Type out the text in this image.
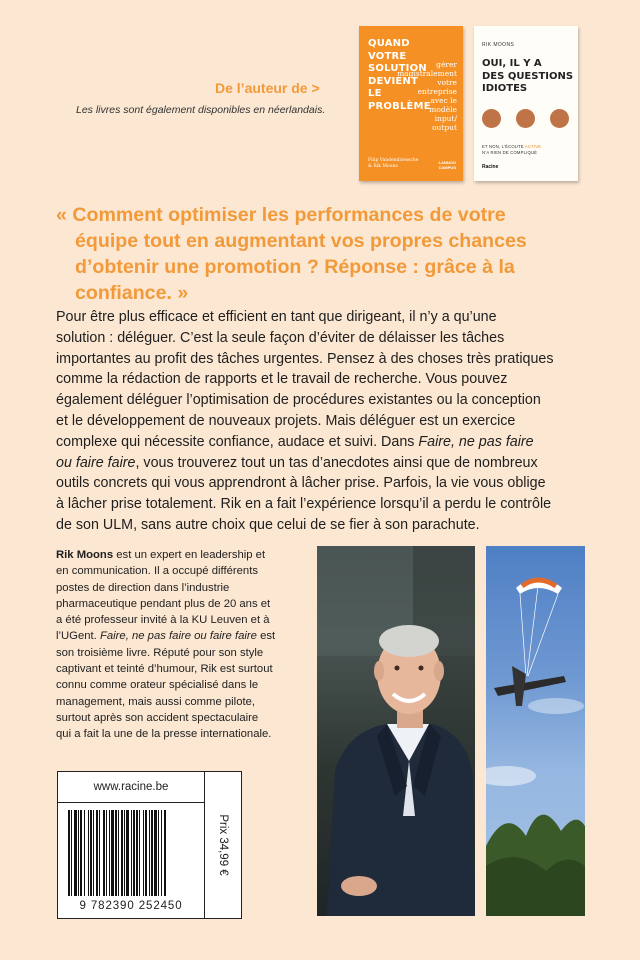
De l’auteur de >
Les livres sont également disponibles en néerlandais.
QUAND
VOTRE
SOLUTION
DEVIENT
LE
PROBLÈME
gérer
magistralement
votre
entreprise
avec le
modèle
input/
output
Filip Vandendriessche
& Rik Moons
LANNOO
CAMPUS
RIK MOONS
OUI, IL Y A
DES QUESTIONS
IDIOTES
ET NON, L’ÉCOUTE ACTIVE
N’A RIEN DE COMPLIQUÉ
Racine
« Comment optimiser les performances de votre
équipe tout en augmentant vos propres chances
d’obtenir une promotion ? Réponse : grâce à la
confiance. »
Pour être plus efficace et efficient en tant que dirigeant, il n’y a qu’une
solution : déléguer. C’est la seule façon d’éviter de délaisser les tâches
importantes au profit des tâches urgentes. Pensez à des choses très pratiques
comme la rédaction de rapports et le travail de recherche. Vous pouvez
également déléguer l’optimisation de procédures existantes ou la conception
et le développement de nouveaux projets. Mais déléguer est un exercice
complexe qui nécessite confiance, audace et suivi. Dans Faire, ne pas faire
ou faire faire, vous trouverez tout un tas d’anecdotes ainsi que de nombreux
outils concrets qui vous apprendront à lâcher prise. Parfois, la vie vous oblige
à lâcher prise totalement. Rik en a fait l’expérience lorsqu’il a perdu le contrôle
de son ULM, sans autre choix que celui de se fier à son parachute.
Rik Moons est un expert en leadership et
en communication. Il a occupé différents
postes de direction dans l’industrie
pharmaceutique pendant plus de 20 ans et
a été professeur invité à la KU Leuven et à
l’UGent. Faire, ne pas faire ou faire faire est
son troisième livre. Réputé pour son style
captivant et teinté d’humour, Rik est surtout
connu comme orateur spécialisé dans le
management, mais aussi comme pilote,
surtout après son accident spectaculaire
qui a fait la une de la presse internationale.
www.racine.be
Prix 34,99 €
9 782390 252450
